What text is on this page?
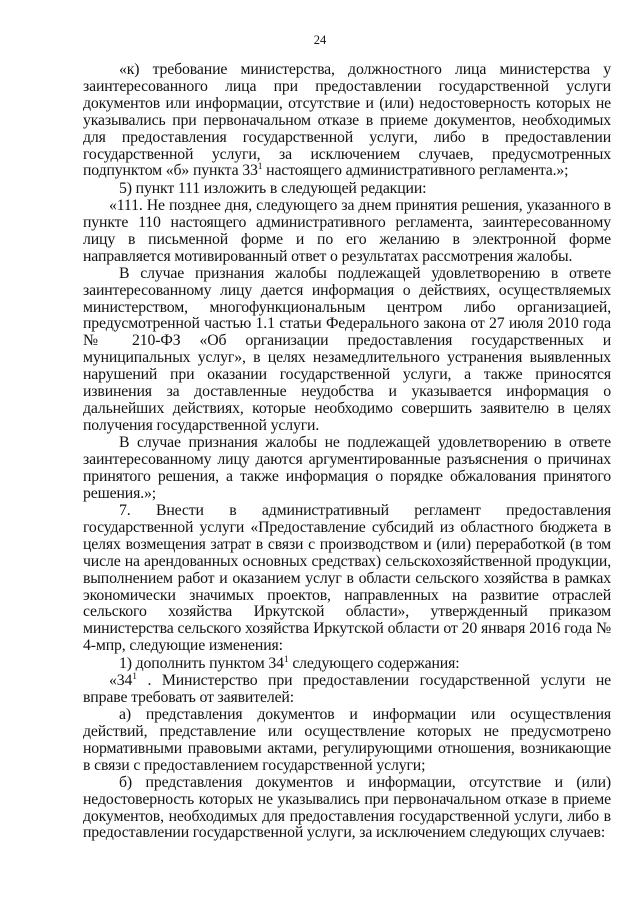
24

«к) требование министерства, должностного лица министерства у заинтересованного лица при предоставлении государственной услуги документов или информации, отсутствие и (или) недостоверность которых не указывались при первоначальном отказе в приеме документов, необходимых для предоставления государственной услуги, либо в предоставлении государственной услуги, за исключением случаев, предусмотренных подпунктом «б» пункта $33^1$ настоящего административного регламента.»;

5) пункт 111 изложить в следующей редакции:

«111. Не позднее дня, следующего за днем принятия решения, указанного в пункте 110 настоящего административного регламента, заинтересованному лицу в письменной форме и по его желанию в электронной форме направляется мотивированный ответ о результатах рассмотрения жалобы.

В случае признания жалобы подлежащей удовлетворению в ответе заинтересованному лицу дается информация о действиях, осуществляемых министерством, многофункциональным центром либо организацией, предусмотренной частью 1.1 статьи Федерального закона от 27 июля 2010 года № 210-ФЗ «Об организации предоставления государственных и муниципальных услуг», в целях незамедлительного устранения выявленных нарушений при оказании государственной услуги, а также приносятся извинения за доставленные неудобства и указывается информация о дальнейших действиях, которые необходимо совершить заявителю в целях получения государственной услуги.

В случае признания жалобы не подлежащей удовлетворению в ответе заинтересованному лицу даются аргументированные разъяснения о причинах принятого решения, а также информация о порядке обжалования принятого решения.»;

7. Внести в административный регламент предоставления государственной услуги «Предоставление субсидий из областного бюджета в целях возмещения затрат в связи с производством и (или) переработкой (в том числе на арендованных основных средствах) сельскохозяйственной продукции, выполнением работ и оказанием услуг в области сельского хозяйства в рамках экономически значимых проектов, направленных на развитие отраслей сельского хозяйства Иркутской области», утвержденный приказом министерства сельского хозяйства Иркутской области от 20 января 2016 года № 4-мпр, следующие изменения:

1) дополнить пунктом $34^1$ следующего содержания:

«$34^1$ . Министерство при предоставлении государственной услуги не вправе требовать от заявителей:

а) представления документов и информации или осуществления действий, представление или осуществление которых не предусмотрено нормативными правовыми актами, регулирующими отношения, возникающие в связи с предоставлением государственной услуги;

б) представления документов и информации, отсутствие и (или) недостоверность которых не указывались при первоначальном отказе в приеме документов, необходимых для предоставления государственной услуги, либо в предоставлении государственной услуги, за исключением следующих случаев:
